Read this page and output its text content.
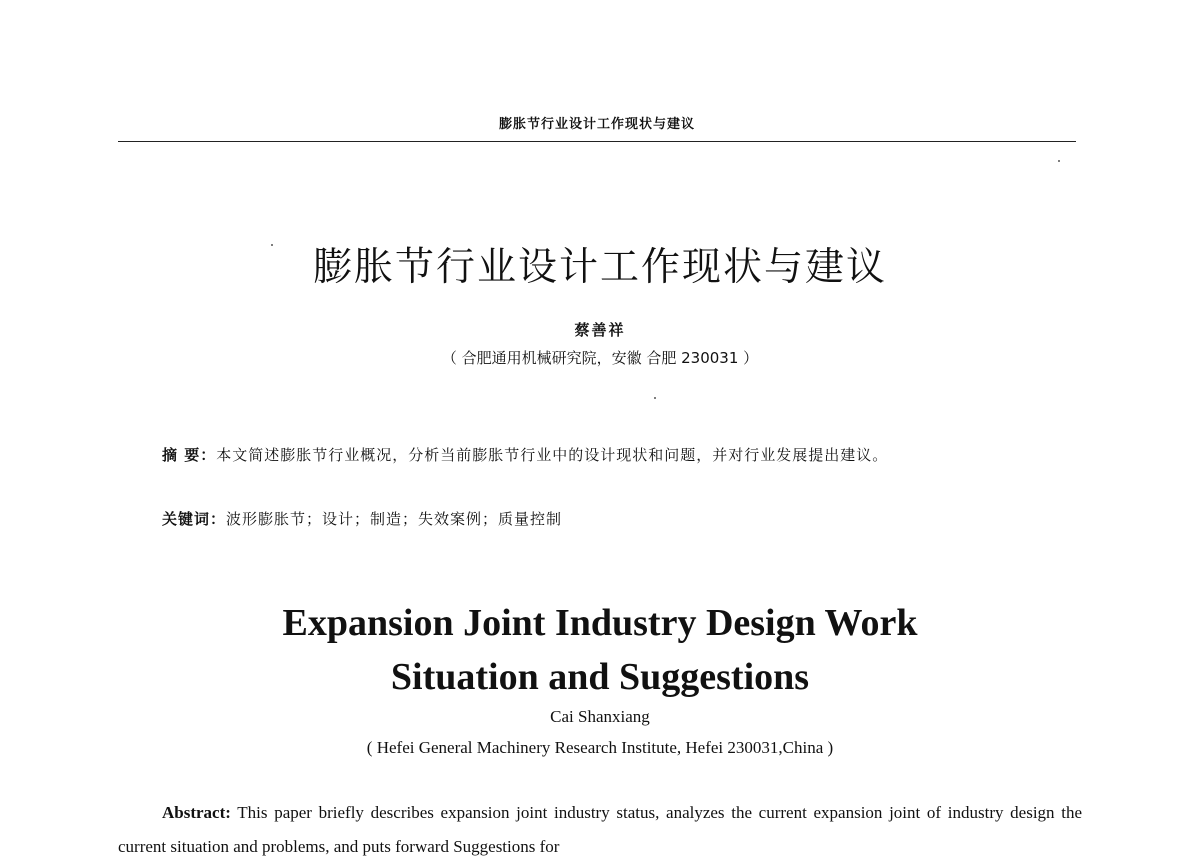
膨胀节行业设计工作现状与建议
膨胀节行业设计工作现状与建议
蔡善祥
（ 合肥通用机械研究院，安徽 合肥 230031 ）
摘 要：本文简述膨胀节行业概况，分析当前膨胀节行业中的设计现状和问题，并对行业发展提出建议。
关键词：波形膨胀节；设计；制造；失效案例；质量控制
Expansion Joint Industry Design Work
Situation and Suggestions
Cai Shanxiang
( Hefei General Machinery Research Institute, Hefei 230031,China )
Abstract: This paper briefly describes expansion joint industry status, analyzes the current expansion joint of industry design the current situation and problems, and puts forward Suggestions for
